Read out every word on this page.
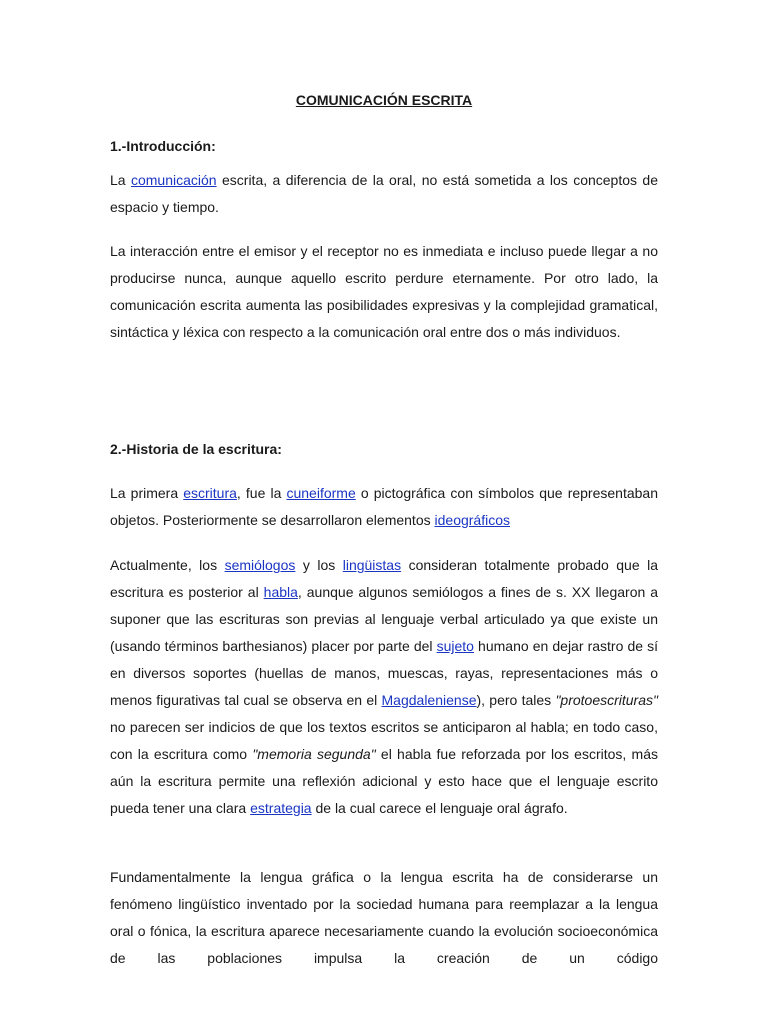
COMUNICACIÓN ESCRITA
1.-Introducción:

La comunicación escrita, a diferencia de la oral, no está sometida a los conceptos de espacio y tiempo.

La interacción entre el emisor y el receptor no es inmediata e incluso puede llegar a no producirse nunca, aunque aquello escrito perdure eternamente. Por otro lado, la comunicación escrita aumenta las posibilidades expresivas y la complejidad gramatical, sintáctica y léxica con respecto a la comunicación oral entre dos o más individuos.

2.-Historia de la escritura:

La primera escritura, fue la cuneiforme o pictográfica con símbolos que representaban objetos. Posteriormente se desarrollaron elementos ideográficos

Actualmente, los semiólogos y los lingüistas consideran totalmente probado que la escritura es posterior al habla, aunque algunos semiólogos a fines de s. XX llegaron a suponer que las escrituras son previas al lenguaje verbal articulado ya que existe un (usando términos barthesianos) placer por parte del sujeto humano en dejar rastro de sí en diversos soportes (huellas de manos, muescas, rayas, representaciones más o menos figurativas tal cual se observa en el Magdaleniense), pero tales "protoescrituras" no parecen ser indicios de que los textos escritos se anticiparon al habla; en todo caso, con la escritura como "memoria segunda" el habla fue reforzada por los escritos, más aún la escritura permite una reflexión adicional y esto hace que el lenguaje escrito pueda tener una clara estrategia de la cual carece el lenguaje oral ágrafo.

Fundamentalmente la lengua gráfica o la lengua escrita ha de considerarse un fenómeno lingüístico inventado por la sociedad humana para reemplazar a la lengua oral o fónica, la escritura aparece necesariamente cuando la evolución socioeconómica de las poblaciones impulsa la creación de un código
